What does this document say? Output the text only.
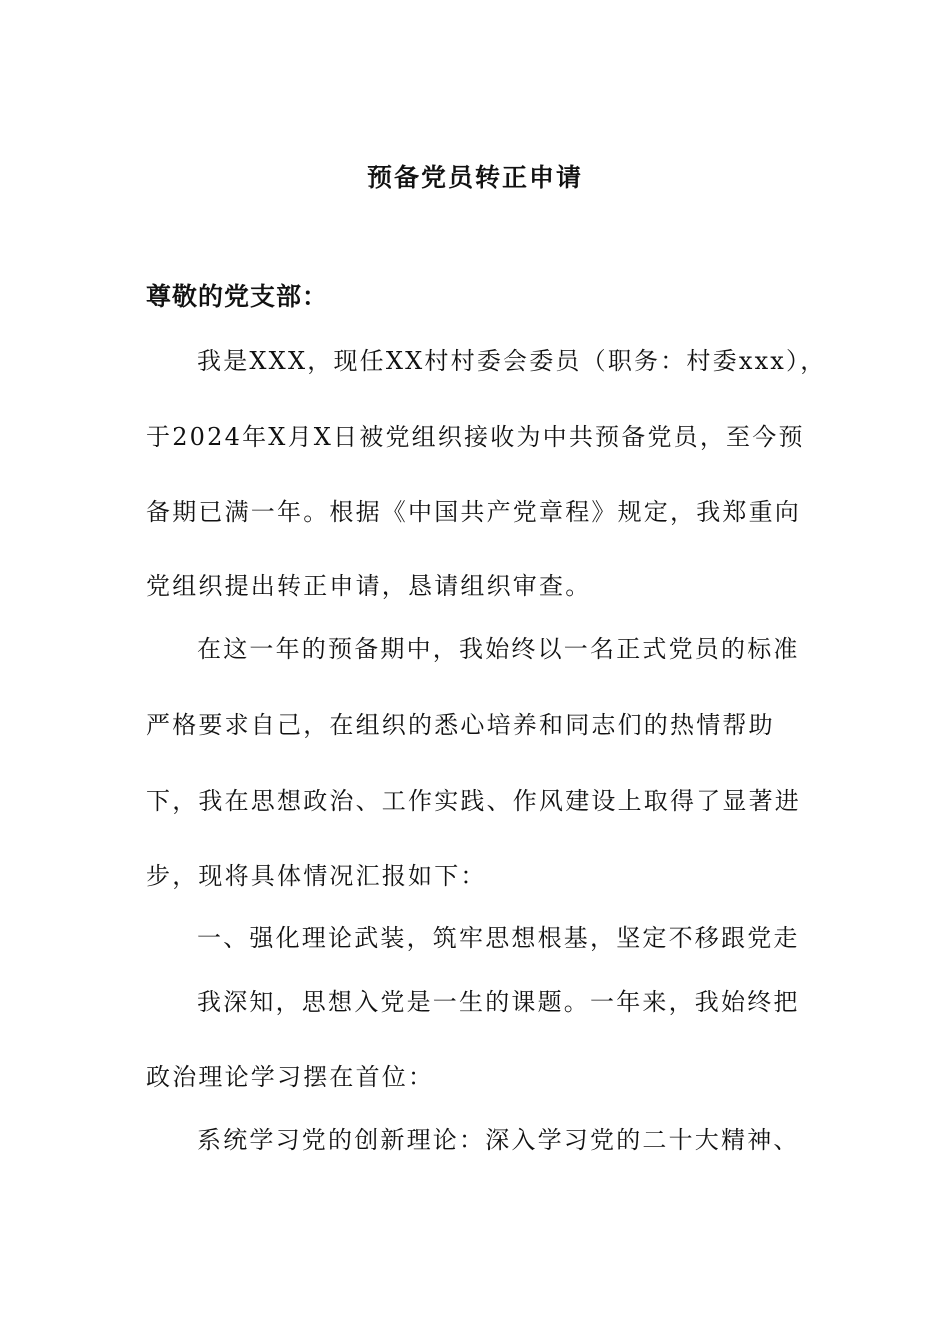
预备党员转正申请

尊敬的党支部：

我是XXX，现任XX村村委会委员（职务：村委xxx），

于2024年X月X日被党组织接收为中共预备党员，至今预

备期已满一年。根据《中国共产党章程》规定，我郑重向

党组织提出转正申请，恳请组织审查。

在这一年的预备期中，我始终以一名正式党员的标准

严格要求自己，在组织的悉心培养和同志们的热情帮助

下，我在思想政治、工作实践、作风建设上取得了显著进

步，现将具体情况汇报如下：

一、强化理论武装，筑牢思想根基，坚定不移跟党走

我深知，思想入党是一生的课题。一年来，我始终把

政治理论学习摆在首位：

系统学习党的创新理论：深入学习党的二十大精神、
